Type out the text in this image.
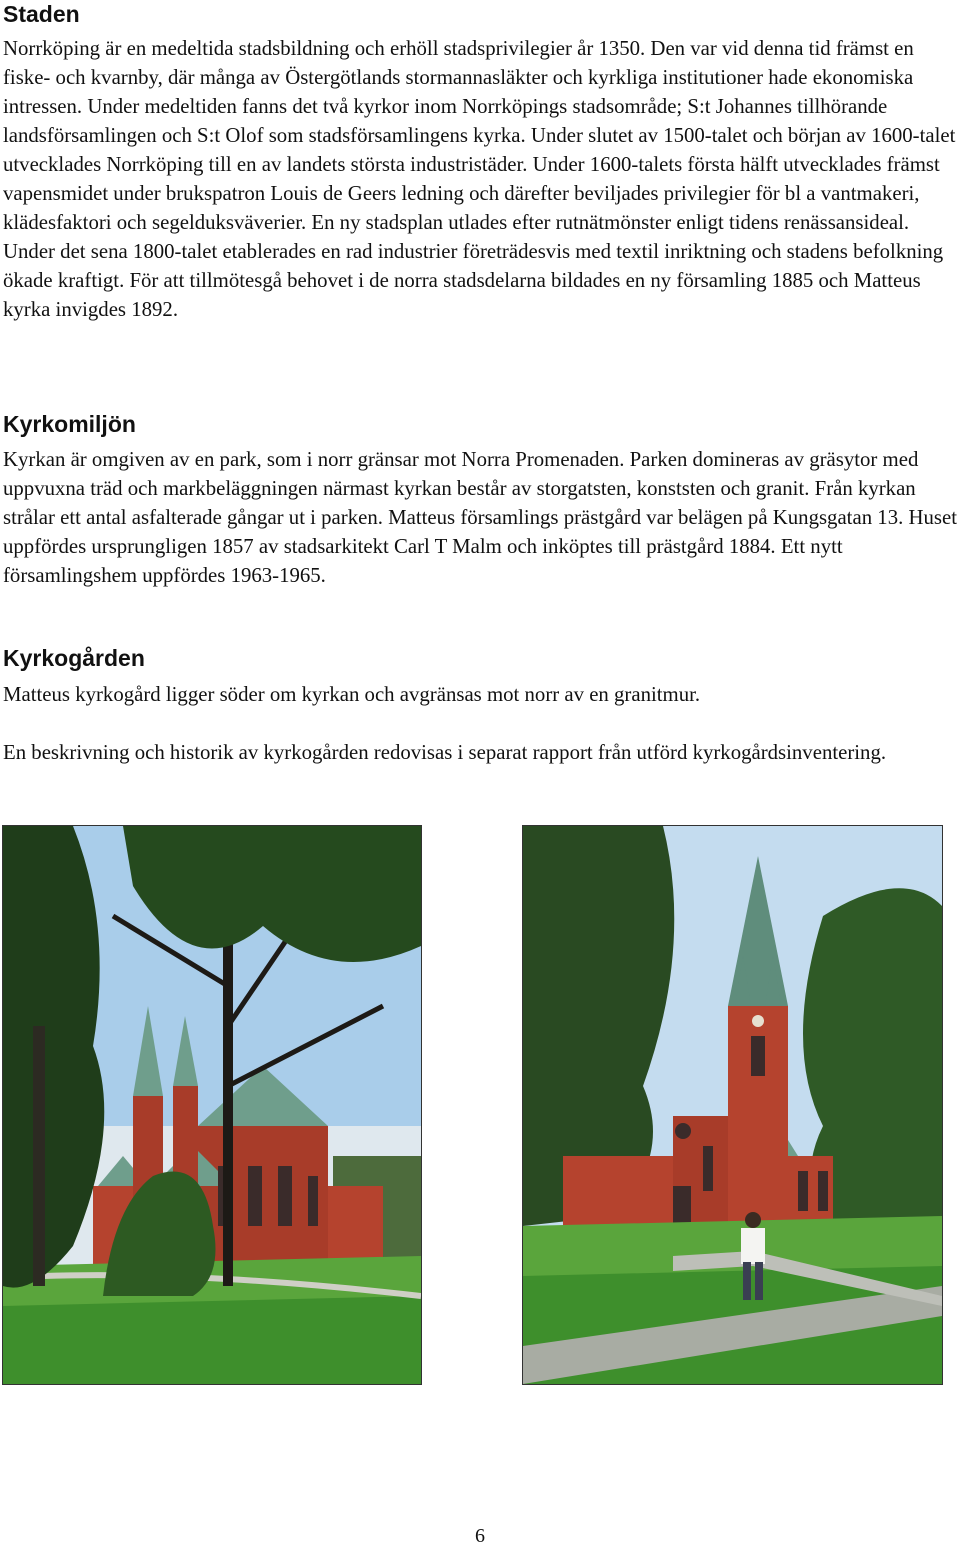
Staden

Norrköping är en medeltida stadsbildning och erhöll stadsprivilegier år 1350. Den var vid denna tid främst en fiske- och kvarnby, där många av Östergötlands stormannasläkter och kyrkliga institutioner hade ekonomiska intressen. Under medeltiden fanns det två kyrkor inom Norrköpings stadsområde; S:t Johannes tillhörande landsförsamlingen och S:t Olof som stadsförsamlingens kyrka. Under slutet av 1500-talet och början av 1600-talet utvecklades Norrköping till en av landets största industristäder. Under 1600-talets första hälft utvecklades främst vapensmidet under brukspatron Louis de Geers ledning och därefter beviljades privilegier för bl a vantmakeri, klädesfaktori och segelduksväverier. En ny stadsplan utlades efter rutnätmönster enligt tidens renässansideal. Under det sena 1800-talet etablerades en rad industrier företrädesvis med textil inriktning och stadens befolkning ökade kraftigt. För att tillmötesgå behovet i de norra stadsdelarna bildades en ny församling 1885 och Matteus kyrka invigdes 1892.

Kyrkomiljön

Kyrkan är omgiven av en park, som i norr gränsar mot Norra Promenaden. Parken domineras av gräsytor med uppvuxna träd och markbeläggningen närmast kyrkan består av storgatsten, konststen och granit. Från kyrkan strålar ett antal asfalterade gångar ut i parken. Matteus församlings prästgård var belägen på Kungsgatan 13. Huset uppfördes ursprungligen 1857 av stadsarkitekt Carl T Malm och inköptes till prästgård 1884. Ett nytt församlingshem uppfördes 1963-1965.

Kyrkogården

Matteus kyrkogård ligger söder om kyrkan och avgränsas mot norr av en granitmur.

En beskrivning och historik av kyrkogården redovisas i separat rapport från utförd kyrkogårdsinventering.

6
